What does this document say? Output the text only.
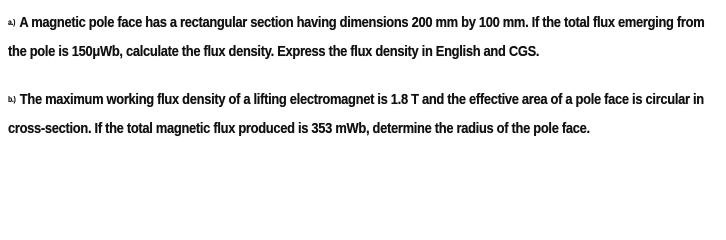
a.) A magnetic pole face has a rectangular section having dimensions 200 mm by 100 mm. If the total flux emerging from the pole is 150μWb, calculate the flux density. Express the flux density in English and CGS.
b.) The maximum working flux density of a lifting electromagnet is 1.8 T and the effective area of a pole face is circular in cross-section. If the total magnetic flux produced is 353 mWb, determine the radius of the pole face.
